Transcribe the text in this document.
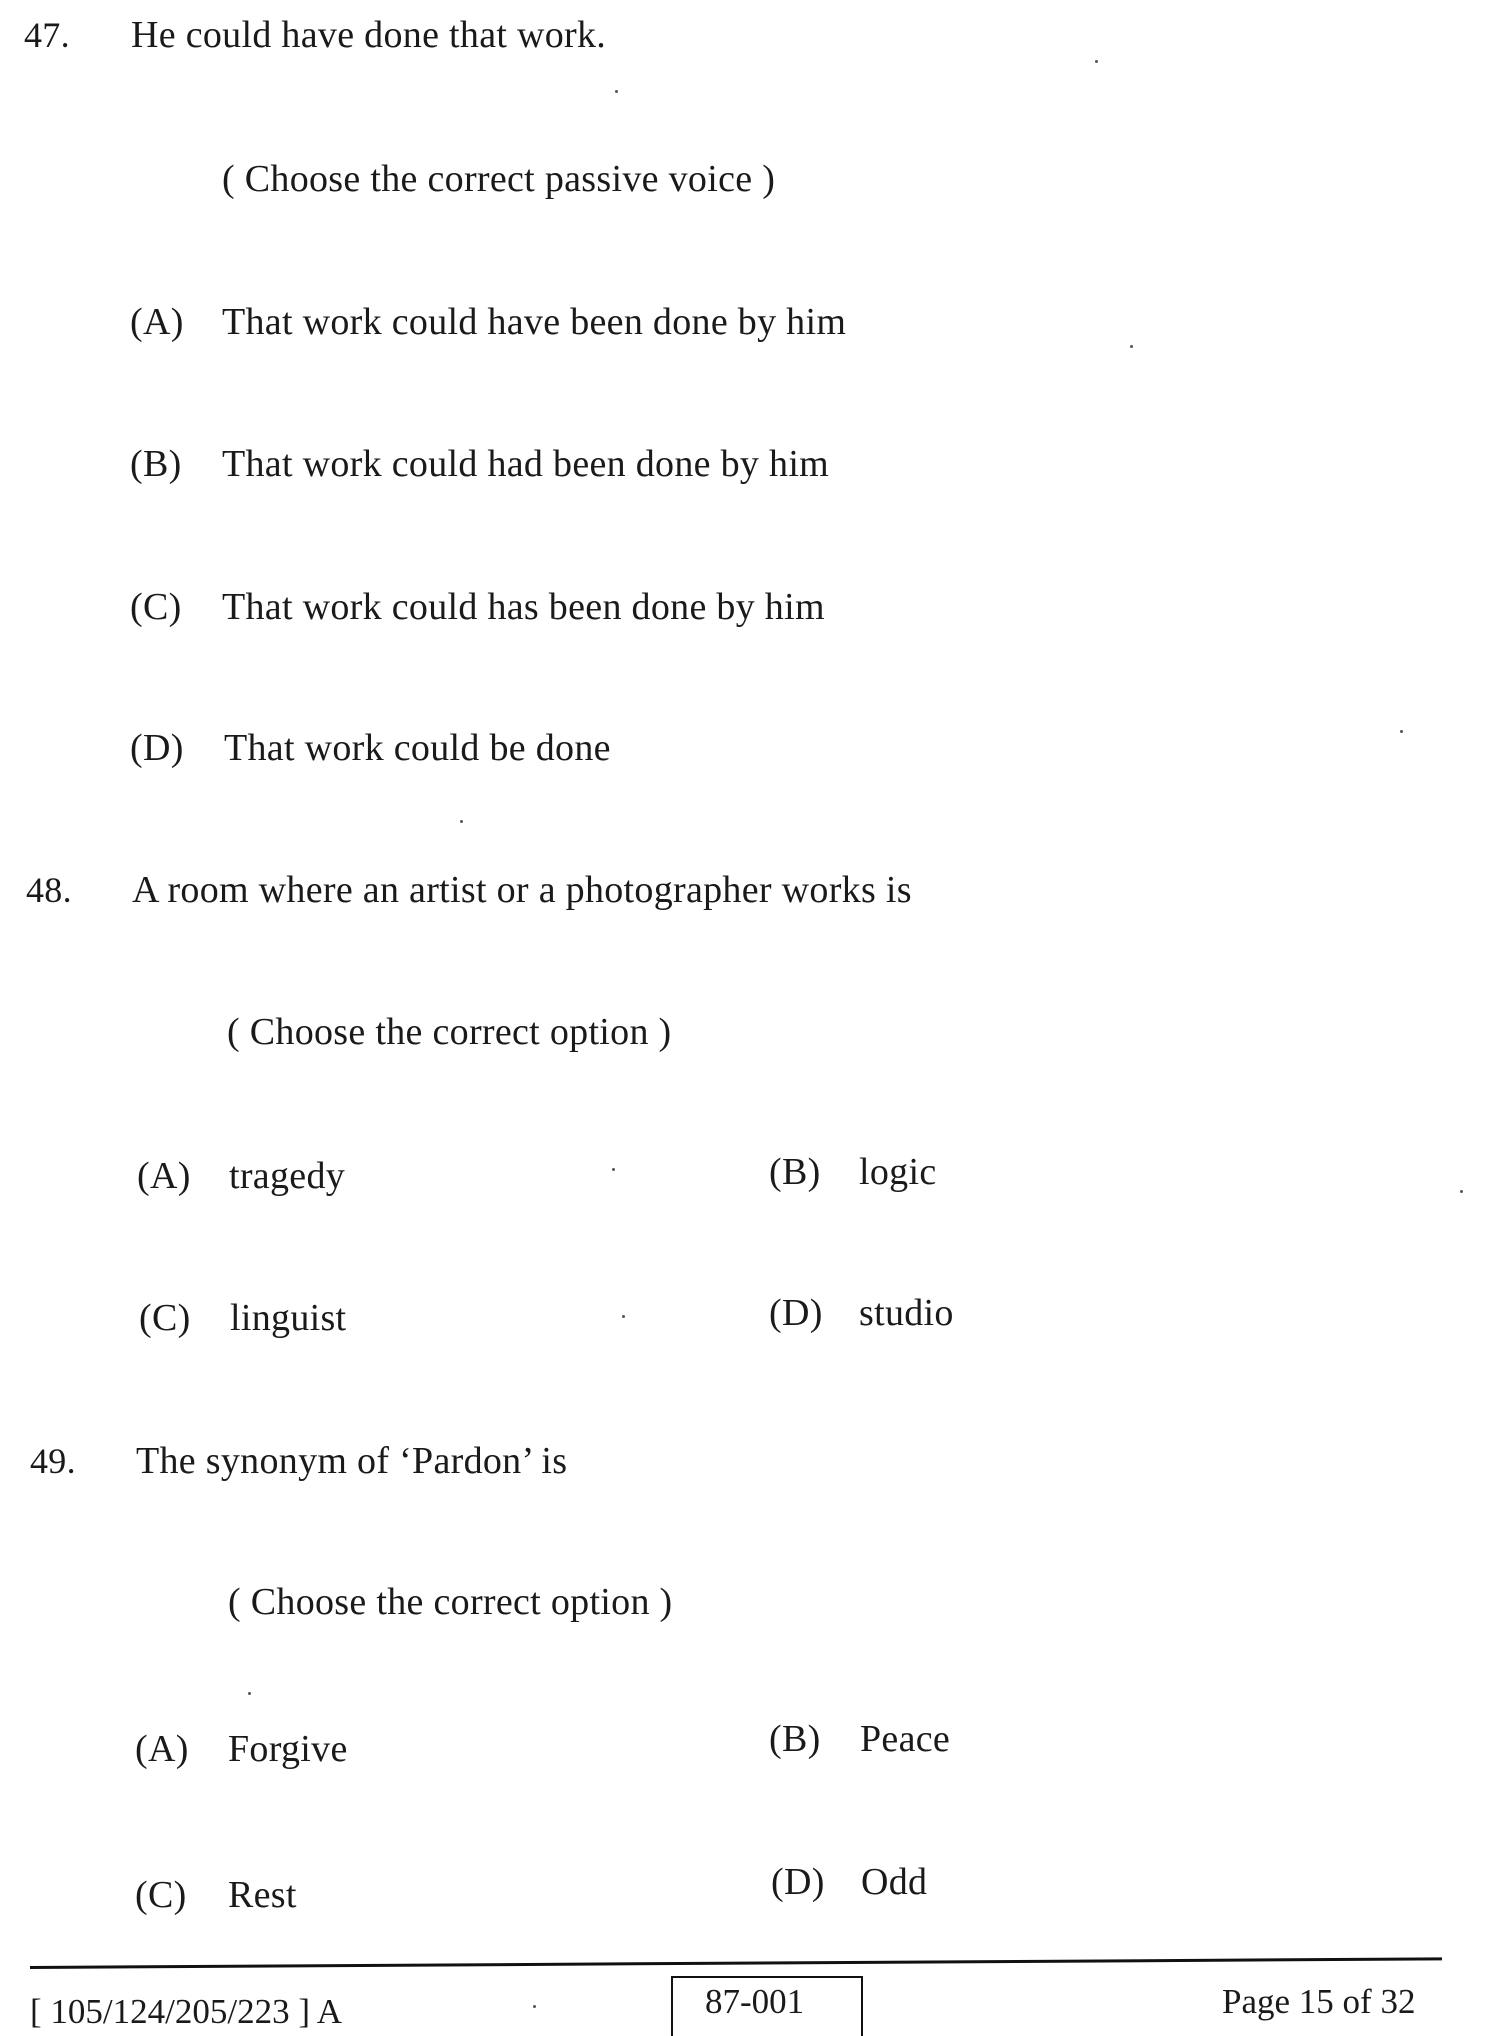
47. He could have done that work.
( Choose the correct passive voice )
(A) That work could have been done by him
(B) That work could had been done by him
(C) That work could has been done by him
(D) That work could be done
48. A room where an artist or a photographer works is
( Choose the correct option )
(A) tragedy	(B) logic
(C) linguist	(D) studio
49. The synonym of ‘Pardon’ is
( Choose the correct option )
(A) Forgive	(B) Peace
(C) Rest	(D) Odd
[ 105/124/205/223 ] A	87-001	Page 15 of 32
